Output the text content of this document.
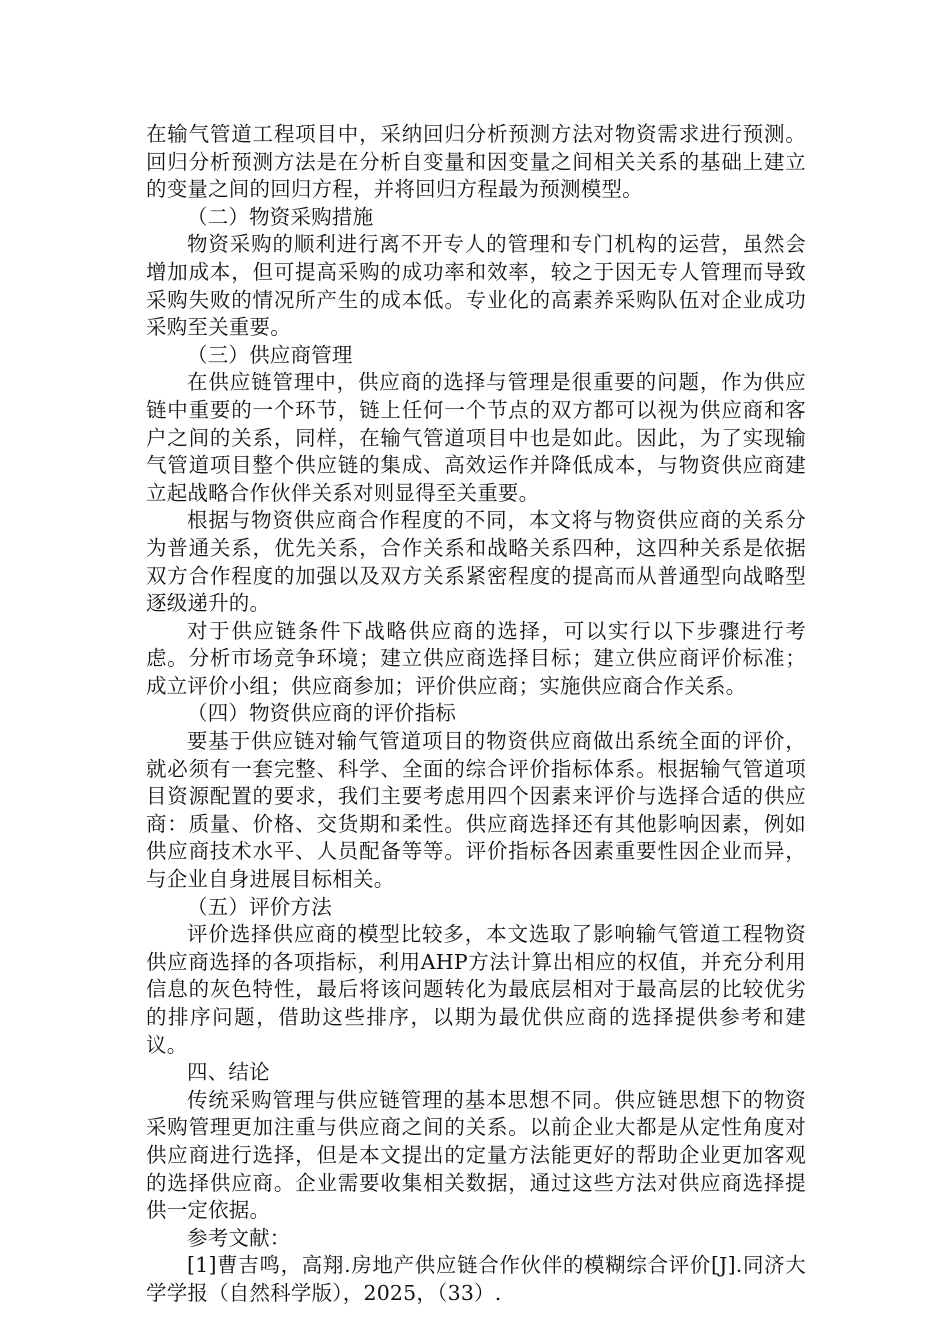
在输气管道工程项目中，采纳回归分析预测方法对物资需求进行预测。回归分析预测方法是在分析自变量和因变量之间相关关系的基础上建立的变量之间的回归方程，并将回归方程最为预测模型。

（二）物资采购措施

物资采购的顺利进行离不开专人的管理和专门机构的运营，虽然会增加成本，但可提高采购的成功率和效率，较之于因无专人管理而导致采购失败的情况所产生的成本低。专业化的高素养采购队伍对企业成功采购至关重要。

（三）供应商管理

在供应链管理中，供应商的选择与管理是很重要的问题，作为供应链中重要的一个环节，链上任何一个节点的双方都可以视为供应商和客户之间的关系，同样，在输气管道项目中也是如此。因此，为了实现输气管道项目整个供应链的集成、高效运作并降低成本，与物资供应商建立起战略合作伙伴关系对则显得至关重要。

根据与物资供应商合作程度的不同，本文将与物资供应商的关系分为普通关系，优先关系，合作关系和战略关系四种，这四种关系是依据双方合作程度的加强以及双方关系紧密程度的提高而从普通型向战略型逐级递升的。

对于供应链条件下战略供应商的选择，可以实行以下步骤进行考虑。分析市场竞争环境；建立供应商选择目标；建立供应商评价标准；成立评价小组；供应商参加；评价供应商；实施供应商合作关系。

（四）物资供应商的评价指标

要基于供应链对输气管道项目的物资供应商做出系统全面的评价，就必须有一套完整、科学、全面的综合评价指标体系。根据输气管道项目资源配置的要求，我们主要考虑用四个因素来评价与选择合适的供应商：质量、价格、交货期和柔性。供应商选择还有其他影响因素，例如供应商技术水平、人员配备等等。评价指标各因素重要性因企业而异，与企业自身进展目标相关。

（五）评价方法

评价选择供应商的模型比较多，本文选取了影响输气管道工程物资供应商选择的各项指标，利用AHP方法计算出相应的权值，并充分利用信息的灰色特性，最后将该问题转化为最底层相对于最高层的比较优劣的排序问题，借助这些排序，以期为最优供应商的选择提供参考和建议。

四、结论

传统采购管理与供应链管理的基本思想不同。供应链思想下的物资采购管理更加注重与供应商之间的关系。以前企业大都是从定性角度对供应商进行选择，但是本文提出的定量方法能更好的帮助企业更加客观的选择供应商。企业需要收集相关数据，通过这些方法对供应商选择提供一定依据。

参考文献：

[1]曹吉鸣，高翔.房地产供应链合作伙伴的模糊综合评价[J].同济大学学报（自然科学版），2025，（33）.
